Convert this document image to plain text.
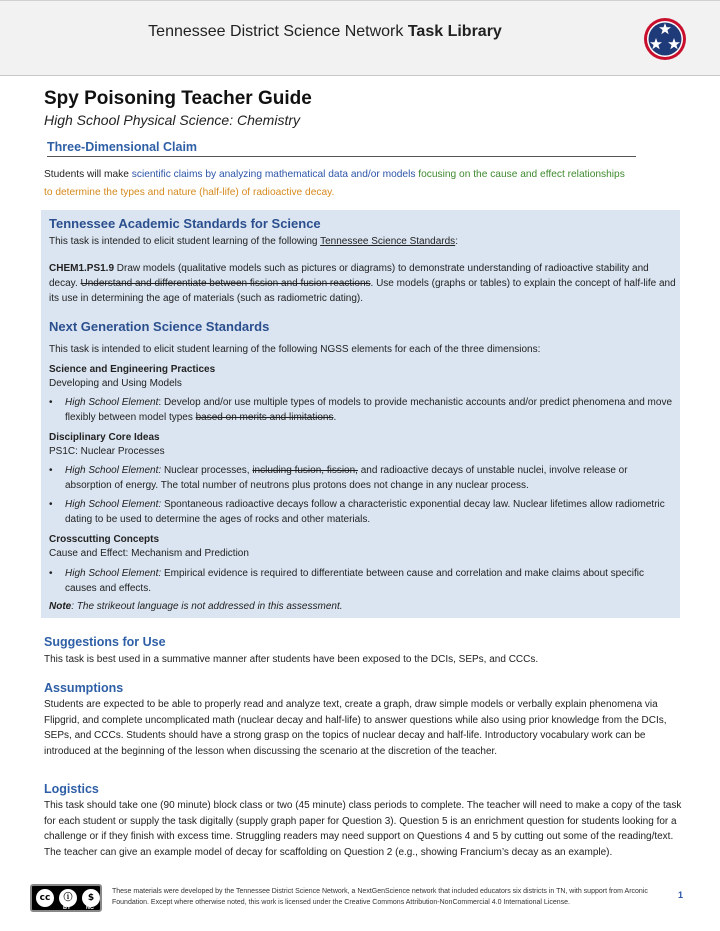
Tennessee District Science Network Task Library
Spy Poisoning Teacher Guide
High School Physical Science: Chemistry
Three-Dimensional Claim
Students will make scientific claims by analyzing mathematical data and/or models focusing on the cause and effect relationships
to determine the types and nature (half-life) of radioactive decay.
Tennessee Academic Standards for Science
This task is intended to elicit student learning of the following Tennessee Science Standards:
CHEM1.PS1.9 Draw models (qualitative models such as pictures or diagrams) to demonstrate understanding of radioactive stability and decay. Understand and differentiate between fission and fusion reactions. Use models (graphs or tables) to explain the concept of half-life and its use in determining the age of materials (such as radiometric dating).
Next Generation Science Standards
This task is intended to elicit student learning of the following NGSS elements for each of the three dimensions:
Science and Engineering Practices
Developing and Using Models
• High School Element: Develop and/or use multiple types of models to provide mechanistic accounts and/or predict phenomena and move flexibly between model types based on merits and limitations.
Disciplinary Core Ideas
PS1C: Nuclear Processes
• High School Element: Nuclear processes, including fusion, fission, and radioactive decays of unstable nuclei, involve release or absorption of energy. The total number of neutrons plus protons does not change in any nuclear process.
• High School Element: Spontaneous radioactive decays follow a characteristic exponential decay law. Nuclear lifetimes allow radiometric dating to be used to determine the ages of rocks and other materials.
Crosscutting Concepts
Cause and Effect: Mechanism and Prediction
• High School Element: Empirical evidence is required to differentiate between cause and correlation and make claims about specific causes and effects.
Note: The strikeout language is not addressed in this assessment.
Suggestions for Use
This task is best used in a summative manner after students have been exposed to the DCIs, SEPs, and CCCs.
Assumptions
Students are expected to be able to properly read and analyze text, create a graph, draw simple models or verbally explain phenomena via Flipgrid, and complete uncomplicated math (nuclear decay and half-life) to answer questions while also using prior knowledge from the DCIs, SEPs, and CCCs. Students should have a strong grasp on the topics of nuclear decay and half-life. Introductory vocabulary work can be introduced at the beginning of the lesson when discussing the scenario at the discretion of the teacher.
Logistics
This task should take one (90 minute) block class or two (45 minute) class periods to complete. The teacher will need to make a copy of the task for each student or supply the task digitally (supply graph paper for Question 3). Question 5 is an enrichment question for students looking for a challenge or if they finish with excess time. Struggling readers may need support on Questions 4 and 5 by cutting out some of the reading/text. The teacher can give an example model of decay for scaffolding on Question 2 (e.g., showing Francium’s decay as an example).
cc	ⓘ	$
BY	NC
These materials were developed by the Tennessee District Science Network, a NextGenScience network that included educators six districts in TN, with support from Arconic Foundation. Except where otherwise noted, this work is licensed under the Creative Commons Attribution-NonCommercial 4.0 International License.
1
